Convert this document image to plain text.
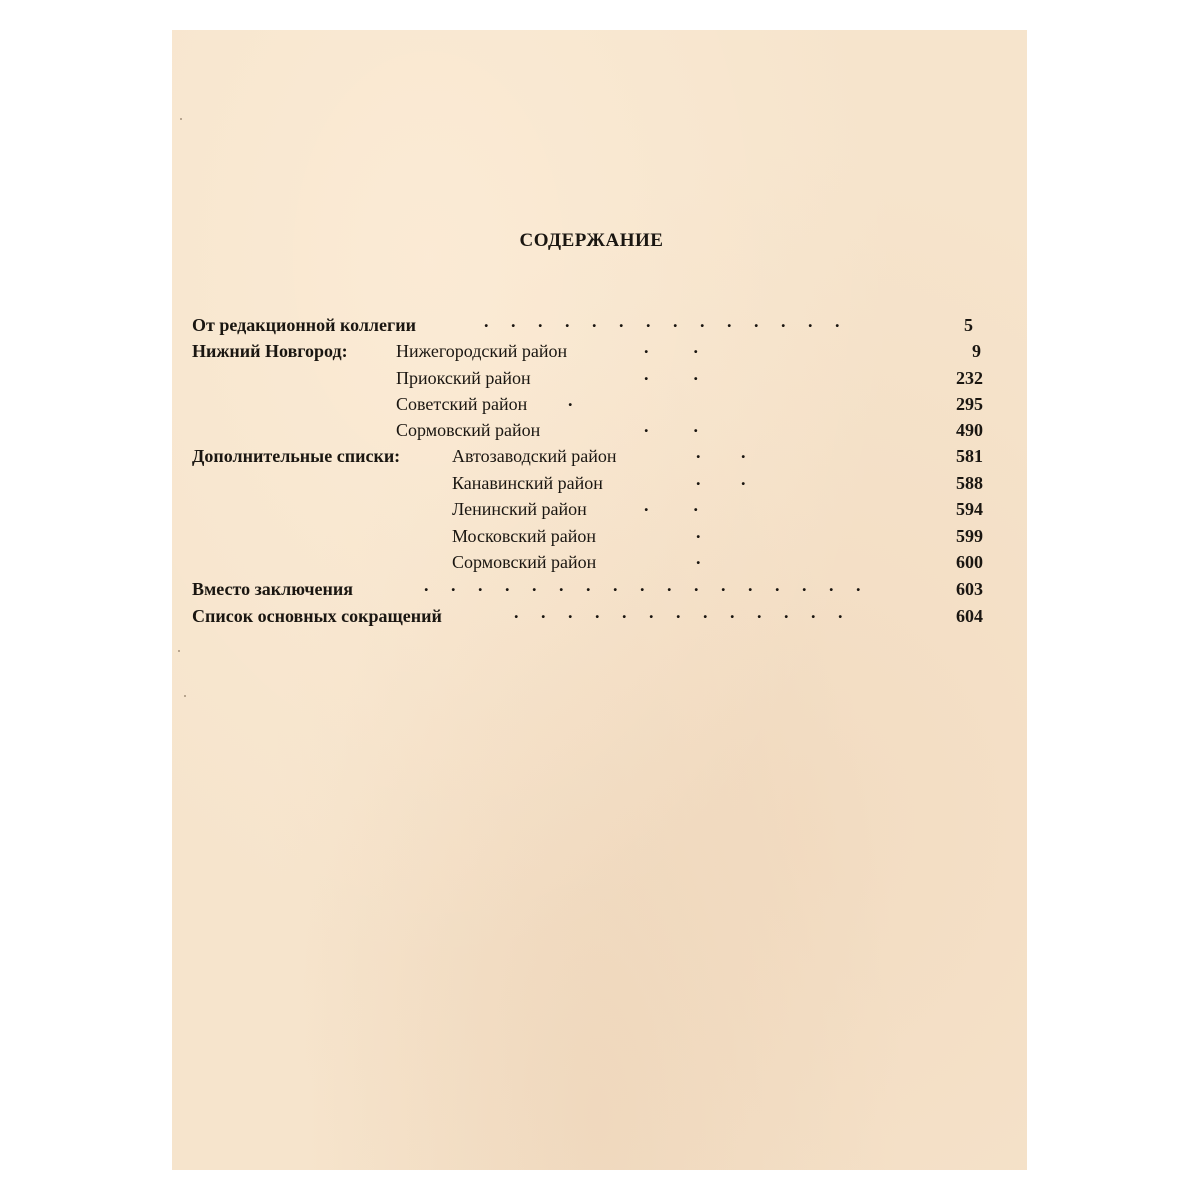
СОДЕРЖАНИЕ
От редакционной коллегии	.     .     .     .     .     .     .     .     .     .     .     .     .     .	5
Нижний Новгород:	Нижегородский район	.          .	9
Приокский район	.          .	232
Советский район .	295
Сормовский район	.          .	490
Дополнительные списки:	Автозаводский район	.         .	581
Канавинский район	.         .	588
Ленинский район	.          .	594
Московский район	.	599
Сормовский район	.	600
Вместо заключения	.     .     .     .     .     .     .     .     .     .     .     .     .     .     .     .     .	603
Список основных сокращений	.     .     .     .     .     .     .     .     .     .     .     .     .	604
